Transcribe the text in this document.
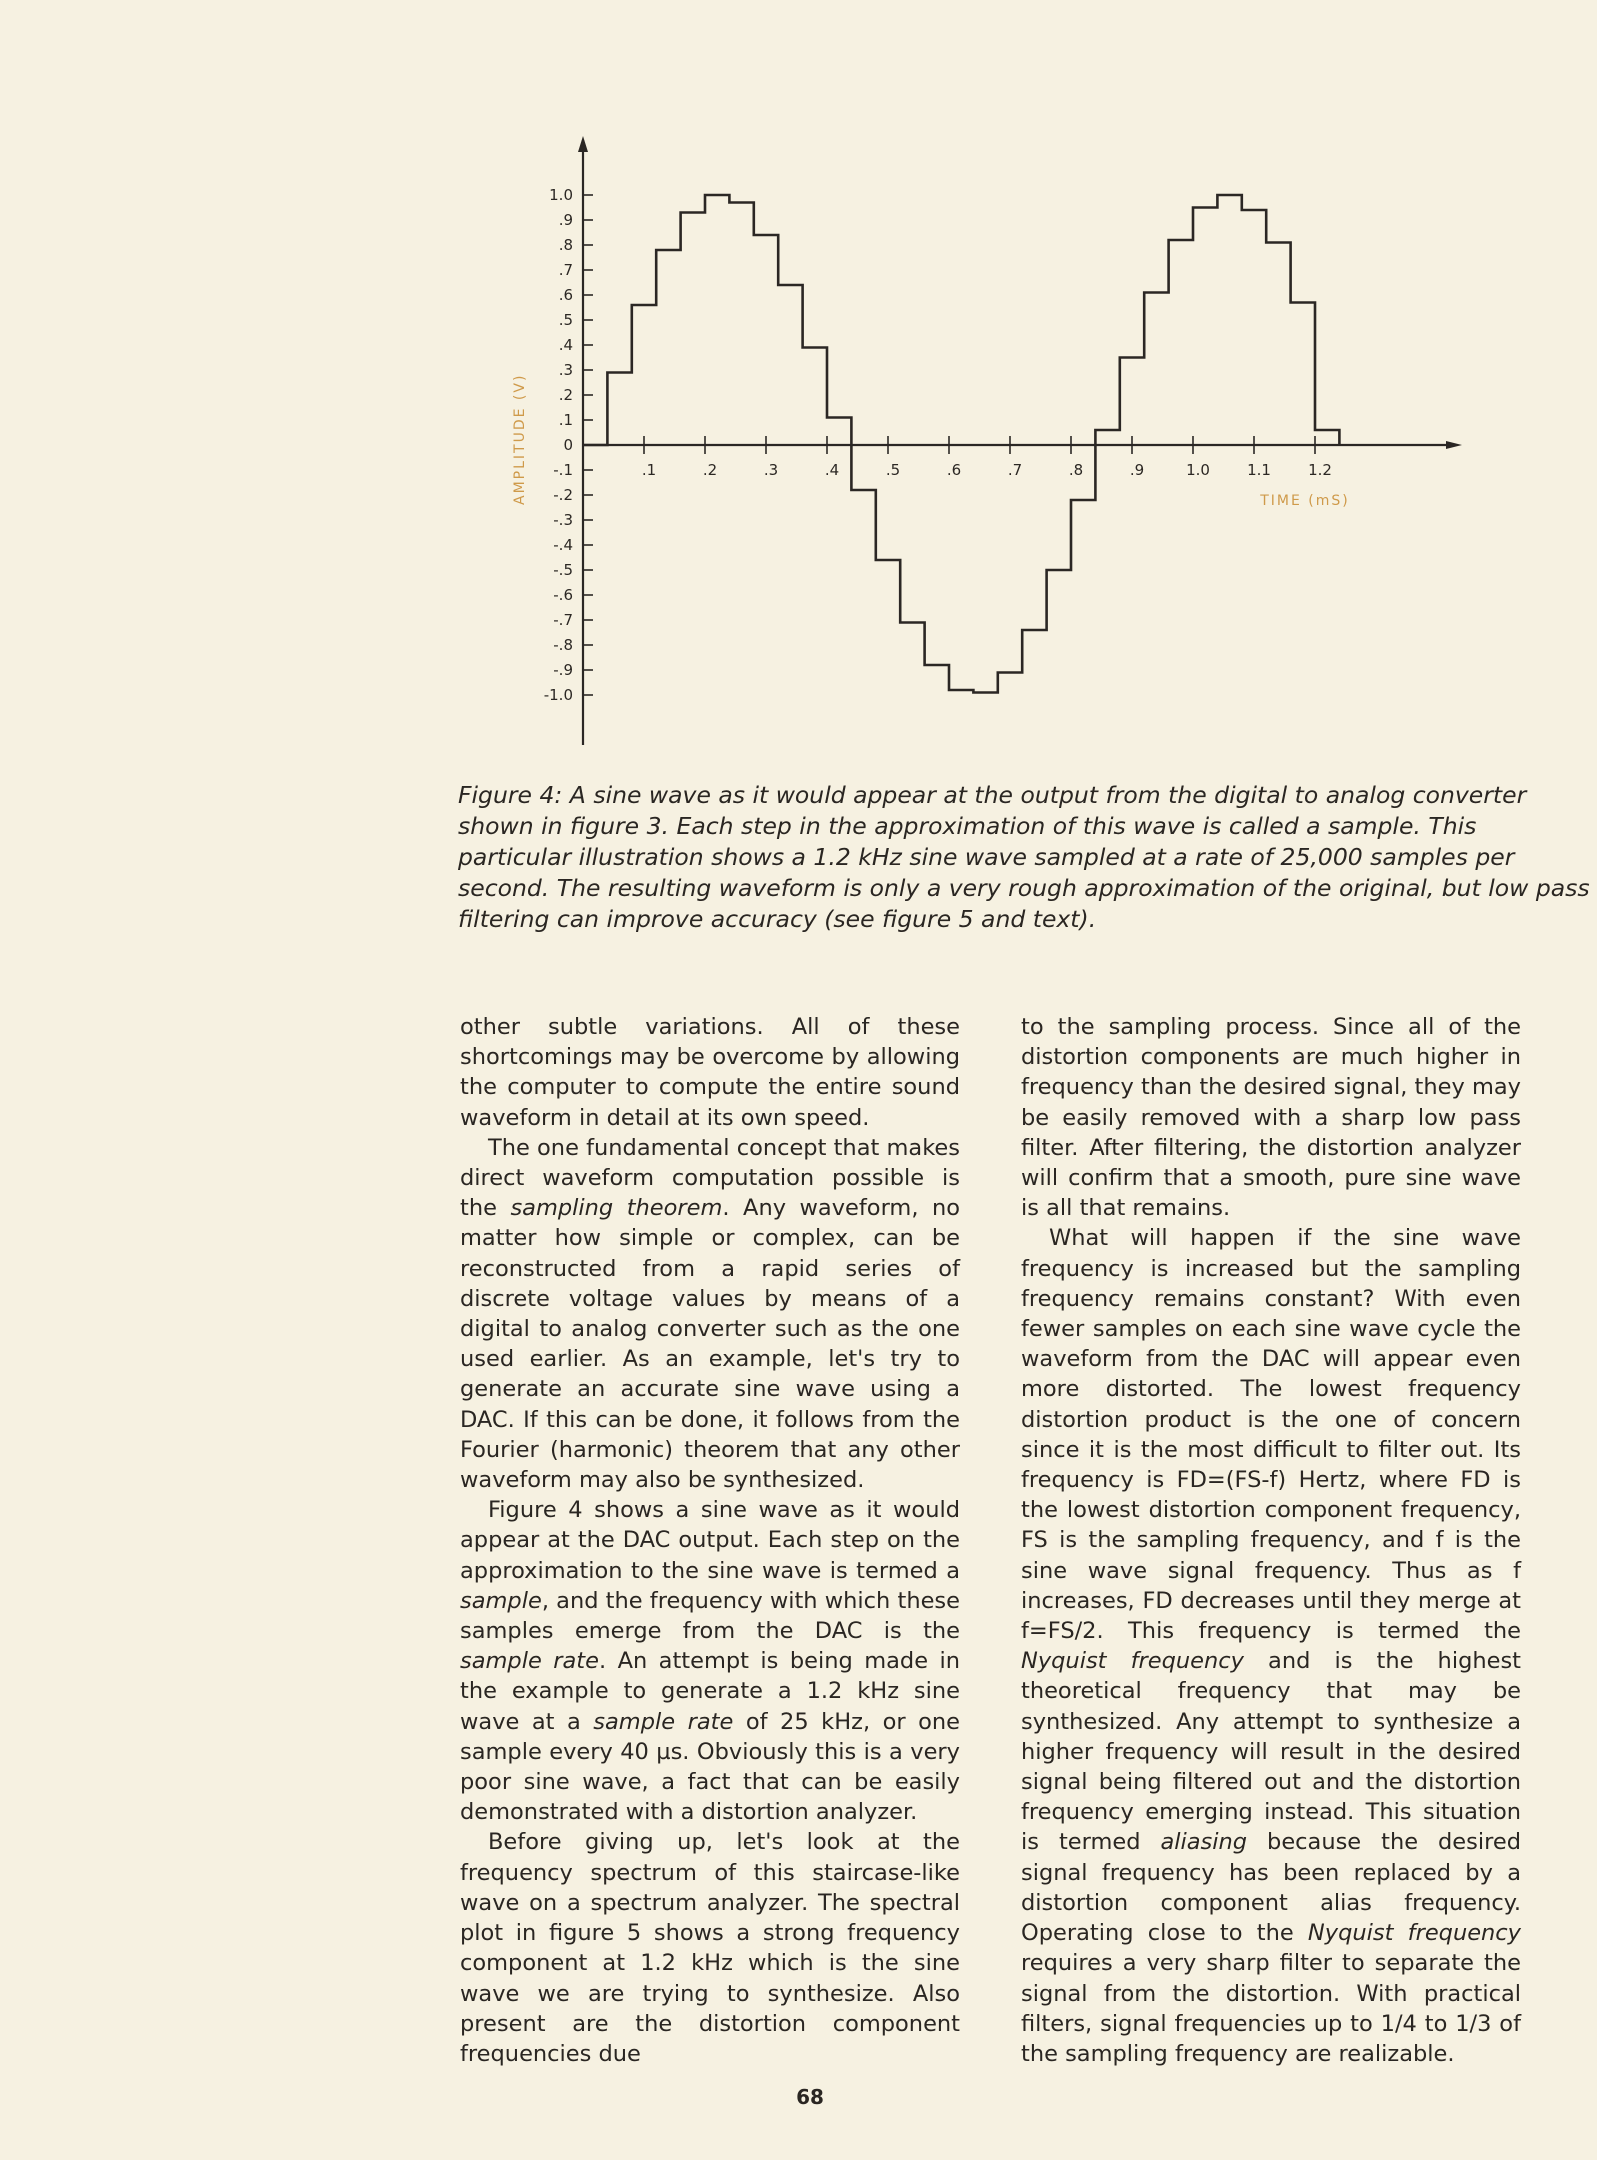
1.0
.9
.8
.7
.6
.5
.4
.3
.2
.1
0
-.1
-.2
-.3
-.4
-.5
-.6
-.7
-.8
-.9
-1.0
.1	.2	.3	.4	.5	.6	.7	.8	.9	1.0 1.1 1.2
AMPLITUDE (V)	TIME (mS)

Figure 4: A sine wave as it would appear at the output from the digital to analog converter shown in figure 3. Each step in the approximation of this wave is called a sample. This particular illustration shows a 1.2 kHz sine wave sampled at a rate of 25,000 samples per second. The resulting waveform is only a very rough approximation of the original, but low pass filtering can improve accuracy (see figure 5 and text).

other subtle variations. All of these shortcomings may be overcome by allowing the computer to compute the entire sound waveform in detail at its own speed.

The one fundamental concept that makes direct waveform computation possible is the sampling theorem. Any waveform, no matter how simple or complex, can be reconstructed from a rapid series of discrete voltage values by means of a digital to analog converter such as the one used earlier. As an example, let's try to generate an accurate sine wave using a DAC. If this can be done, it follows from the Fourier (harmonic) theorem that any other waveform may also be synthesized.

Figure 4 shows a sine wave as it would appear at the DAC output. Each step on the approximation to the sine wave is termed a sample, and the frequency with which these samples emerge from the DAC is the sample rate. An attempt is being made in the example to generate a 1.2 kHz sine wave at a sample rate of 25 kHz, or one sample every 40 µs. Obviously this is a very poor sine wave, a fact that can be easily demonstrated with a distortion analyzer.

Before giving up, let's look at the frequency spectrum of this staircase-like wave on a spectrum analyzer. The spectral plot in figure 5 shows a strong frequency component at 1.2 kHz which is the sine wave we are trying to synthesize. Also present are the distortion component frequencies due

to the sampling process. Since all of the distortion components are much higher in frequency than the desired signal, they may be easily removed with a sharp low pass filter. After filtering, the distortion analyzer will confirm that a smooth, pure sine wave is all that remains.

What will happen if the sine wave frequency is increased but the sampling frequency remains constant? With even fewer samples on each sine wave cycle the waveform from the DAC will appear even more distorted. The lowest frequency distortion product is the one of concern since it is the most difficult to filter out. Its frequency is FD=(FS-f) Hertz, where FD is the lowest distortion component frequency, FS is the sampling frequency, and f is the sine wave signal frequency. Thus as f increases, FD decreases until they merge at f=FS/2. This frequency is termed the Nyquist frequency and is the highest theoretical frequency that may be synthesized. Any attempt to synthesize a higher frequency will result in the desired signal being filtered out and the distortion frequency emerging instead. This situation is termed aliasing because the desired signal frequency has been replaced by a distortion component alias frequency. Operating close to the Nyquist frequency requires a very sharp filter to separate the signal from the distortion. With practical filters, signal frequencies up to 1/4 to 1/3 of the sampling frequency are realizable.

68
